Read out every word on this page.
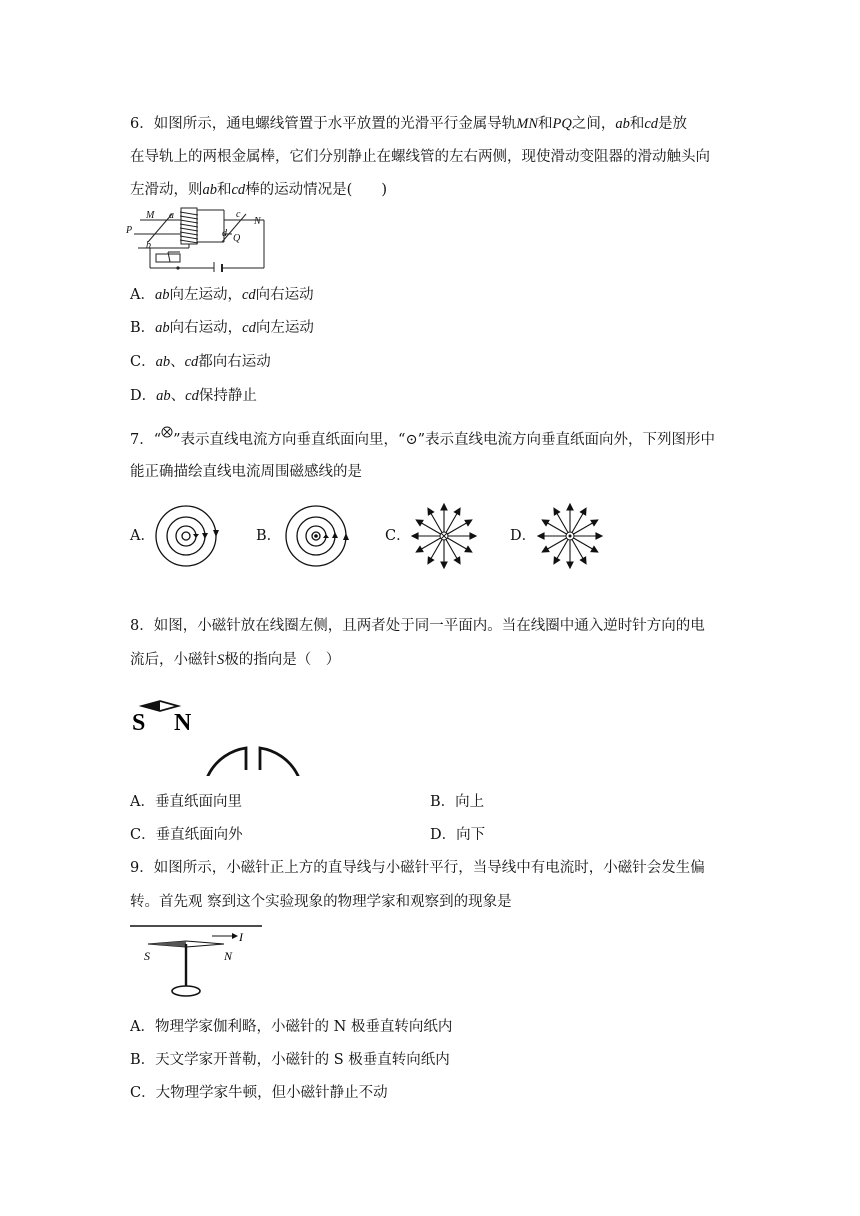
6．如图所示，通电螺线管置于水平放置的光滑平行金属导轨MN和PQ之间，ab和cd是放
在导轨上的两根金属棒，它们分别静止在螺线管的左右两侧，现使滑动变阻器的滑动触头向
左滑动，则ab和cd棒的运动情况是(　　)
M a	c
N
P
b
d Q
A．ab向左运动，cd向右运动
B．ab向右运动，cd向左运动
C．ab、cd都向右运动
D．ab、cd保持静止
7．“ ”表示直线电流方向垂直纸面向里，“⊙”表示直线电流方向垂直纸面向外，下列图形中
能正确描绘直线电流周围磁感线的是
A．	B．	C．	D．
8．如图，小磁针放在线圈左侧，且两者处于同一平面内。当在线圈中通入逆时针方向的电
流后，小磁针S极的指向是（　）
S N
A．垂直纸面向里	B．向上
C．垂直纸面向外	D．向下
9．如图所示，小磁针正上方的直导线与小磁针平行，当导线中有电流时，小磁针会发生偏
转。首先观 察到这个实验现象的物理学家和观察到的现象是
I
S	N
A．物理学家伽利略，小磁针的 N 极垂直转向纸内
B．天文学家开普勒，小磁针的 S 极垂直转向纸内
C．大物理学家牛顿，但小磁针静止不动
